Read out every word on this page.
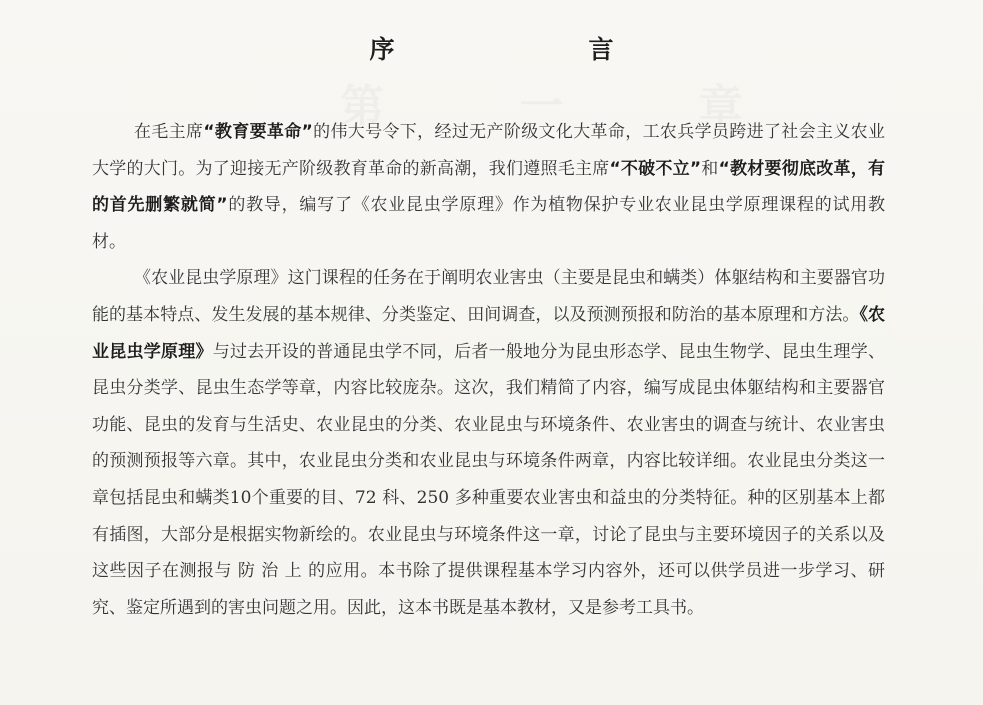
序　　言

在毛主席“教育要革命”的伟大号令下，经过无产阶级文化大革命，工农兵学员跨进了社会主义农业大学的大门。为了迎接无产阶级教育革命的新高潮，我们遵照毛主席“不破不立”和“教材要彻底改革，有的首先删繁就简”的教导，编写了《农业昆虫学原理》作为植物保护专业农业昆虫学原理课程的试用教材。

《农业昆虫学原理》这门课程的任务在于阐明农业害虫（主要是昆虫和螨类）体躯结构和主要器官功能的基本特点、发生发展的基本规律、分类鉴定、田间调查，以及预测预报和防治的基本原理和方法。《农业昆虫学原理》与过去开设的普通昆虫学不同，后者一般地分为昆虫形态学、昆虫生物学、昆虫生理学、昆虫分类学、昆虫生态学等章，内容比较庞杂。这次，我们精简了内容，编写成昆虫体躯结构和主要器官功能、昆虫的发育与生活史、农业昆虫的分类、农业昆虫与环境条件、农业害虫的调查与统计、农业害虫的预测预报等六章。其中，农业昆虫分类和农业昆虫与环境条件两章，内容比较详细。农业昆虫分类这一章包括昆虫和螨类10个重要的目、72 科、250 多种重要农业害虫和益虫的分类特征。种的区别基本上都有插图，大部分是根据实物新绘的。农业昆虫与环境条件这一章，讨论了昆虫与主要环境因子的关系以及这些因子在测报与 防 治 上 的应用。本书除了提供课程基本学习内容外，还可以供学员进一步学习、研究、鉴定所遇到的害虫问题之用。因此，这本书既是基本教材，又是参考工具书。
